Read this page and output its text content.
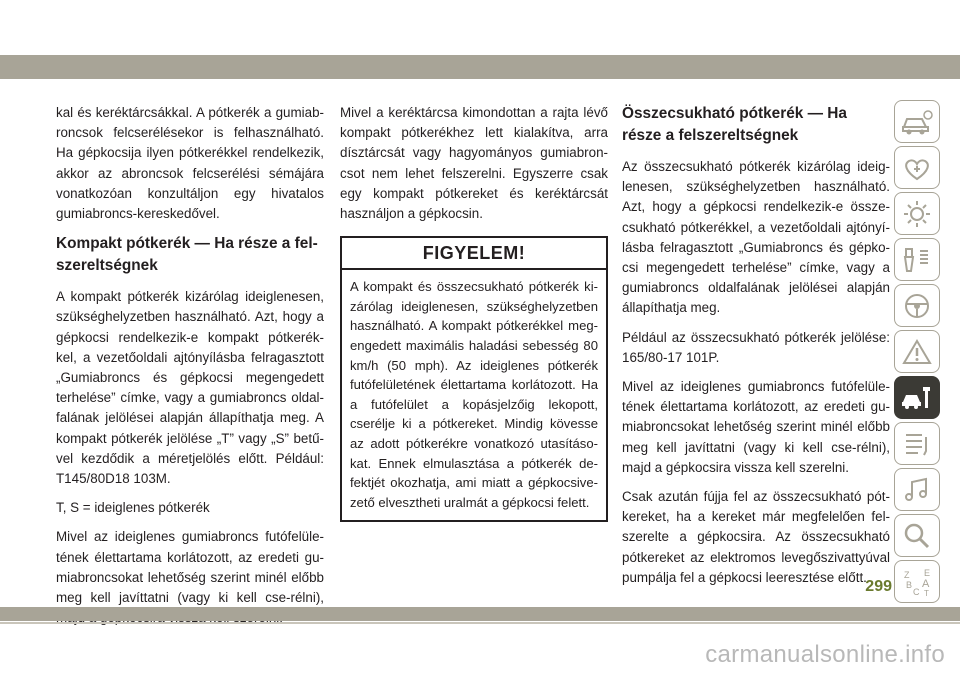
kal és keréktárcsákkal. A pótkerék a gumiab-roncsok felcserélésekor is felhasználható. Ha gépkocsija ilyen pótkerékkel rendelkezik, akkor az abroncsok felcserélési sémájára vonatkozóan konzultáljon egy hivatalos gumiabroncs-kereskedővel.

Kompakt pótkerék — Ha része a fel-szereltségnek

A kompakt pótkerék kizárólag ideiglenesen, szükséghelyzetben használható. Azt, hogy a gépkocsi rendelkezik-e kompakt pótkerék-kel, a vezetőoldali ajtónyílásba felragasztott „Gumiabroncs és gépkocsi megengedett terhelése” címke, vagy a gumiabroncs oldal-falának jelölései alapján állapíthatja meg. A kompakt pótkerék jelölése „T” vagy „S” betű-vel kezdődik a méretjelölés előtt. Például: T145/80D18 103M.

T, S = ideiglenes pótkerék

Mivel az ideiglenes gumiabroncs futófelüle-tének élettartama korlátozott, az eredeti gu-miabroncsokat lehetőség szerint minél előbb meg kell javíttatni (vagy ki kell cse-rélni),

Mivel a keréktárcsa kimondottan a rajta lévő kompakt pótkerékhez lett kialakítva, arra dísztárcsát vagy hagyományos gumiabron-csot nem lehet felszerelni. Egyszerre csak egy kompakt pótkereket és keréktárcsát használjon a gépkocsin.

FIGYELEM!
A kompakt és összecsukható pótkerék ki-zárólag ideiglenesen, szükséghelyzetben használható. A kompakt pótkerékkel meg-engedett maximális haladási sebesség 80 km/h (50 mph). Az ideiglenes pótkerék futófelületének élettartama korlátozott. Ha a futófelület a kopásjelzőig lekopott, cserélje ki a pótkereket. Mindig kövesse az adott pótkerékre vonatkozó utasításo-kat. Ennek elmulasztása a pótkerék de-fektjét okozhatja, ami miatt a gépkocsive-zető elvesztheti uralmát a gépkocsi felett.
Összecsukható pótkerék — Ha része a felszereltségnek

Az összecsukható pótkerék kizárólag ideig-lenesen, szükséghelyzetben használható. Azt, hogy a gépkocsi rendelkezik-e össze-csukható pótkerékkel, a vezetőoldali ajtónyí-lásba felragasztott „Gumiabroncs és gépko-csi megengedett terhelése” címke, vagy a gumiabroncs oldalfalának jelölései alapján állapíthatja meg.

Például az összecsukható pótkerék jelölése: 165/80-17 101P.

Mivel az ideiglenes gumiabroncs futófelüle-tének élettartama korlátozott, az eredeti gu-miabroncsokat lehetőség szerint minél előbb meg kell javíttatni (vagy ki kell cse-rélni), majd a gépkocsira vissza kell szerelni.

Csak azután fújja fel az összecsukható pót-kereket, ha a kereket már megfelelően fel-szerelte a gépkocsira. Az összecsukható pótkereket az elektromos levegőszivattyúval pumpálja fel a gépkocsi leeresztése előtt.	Z E
B A
C T
299
carmanualsonline.info
